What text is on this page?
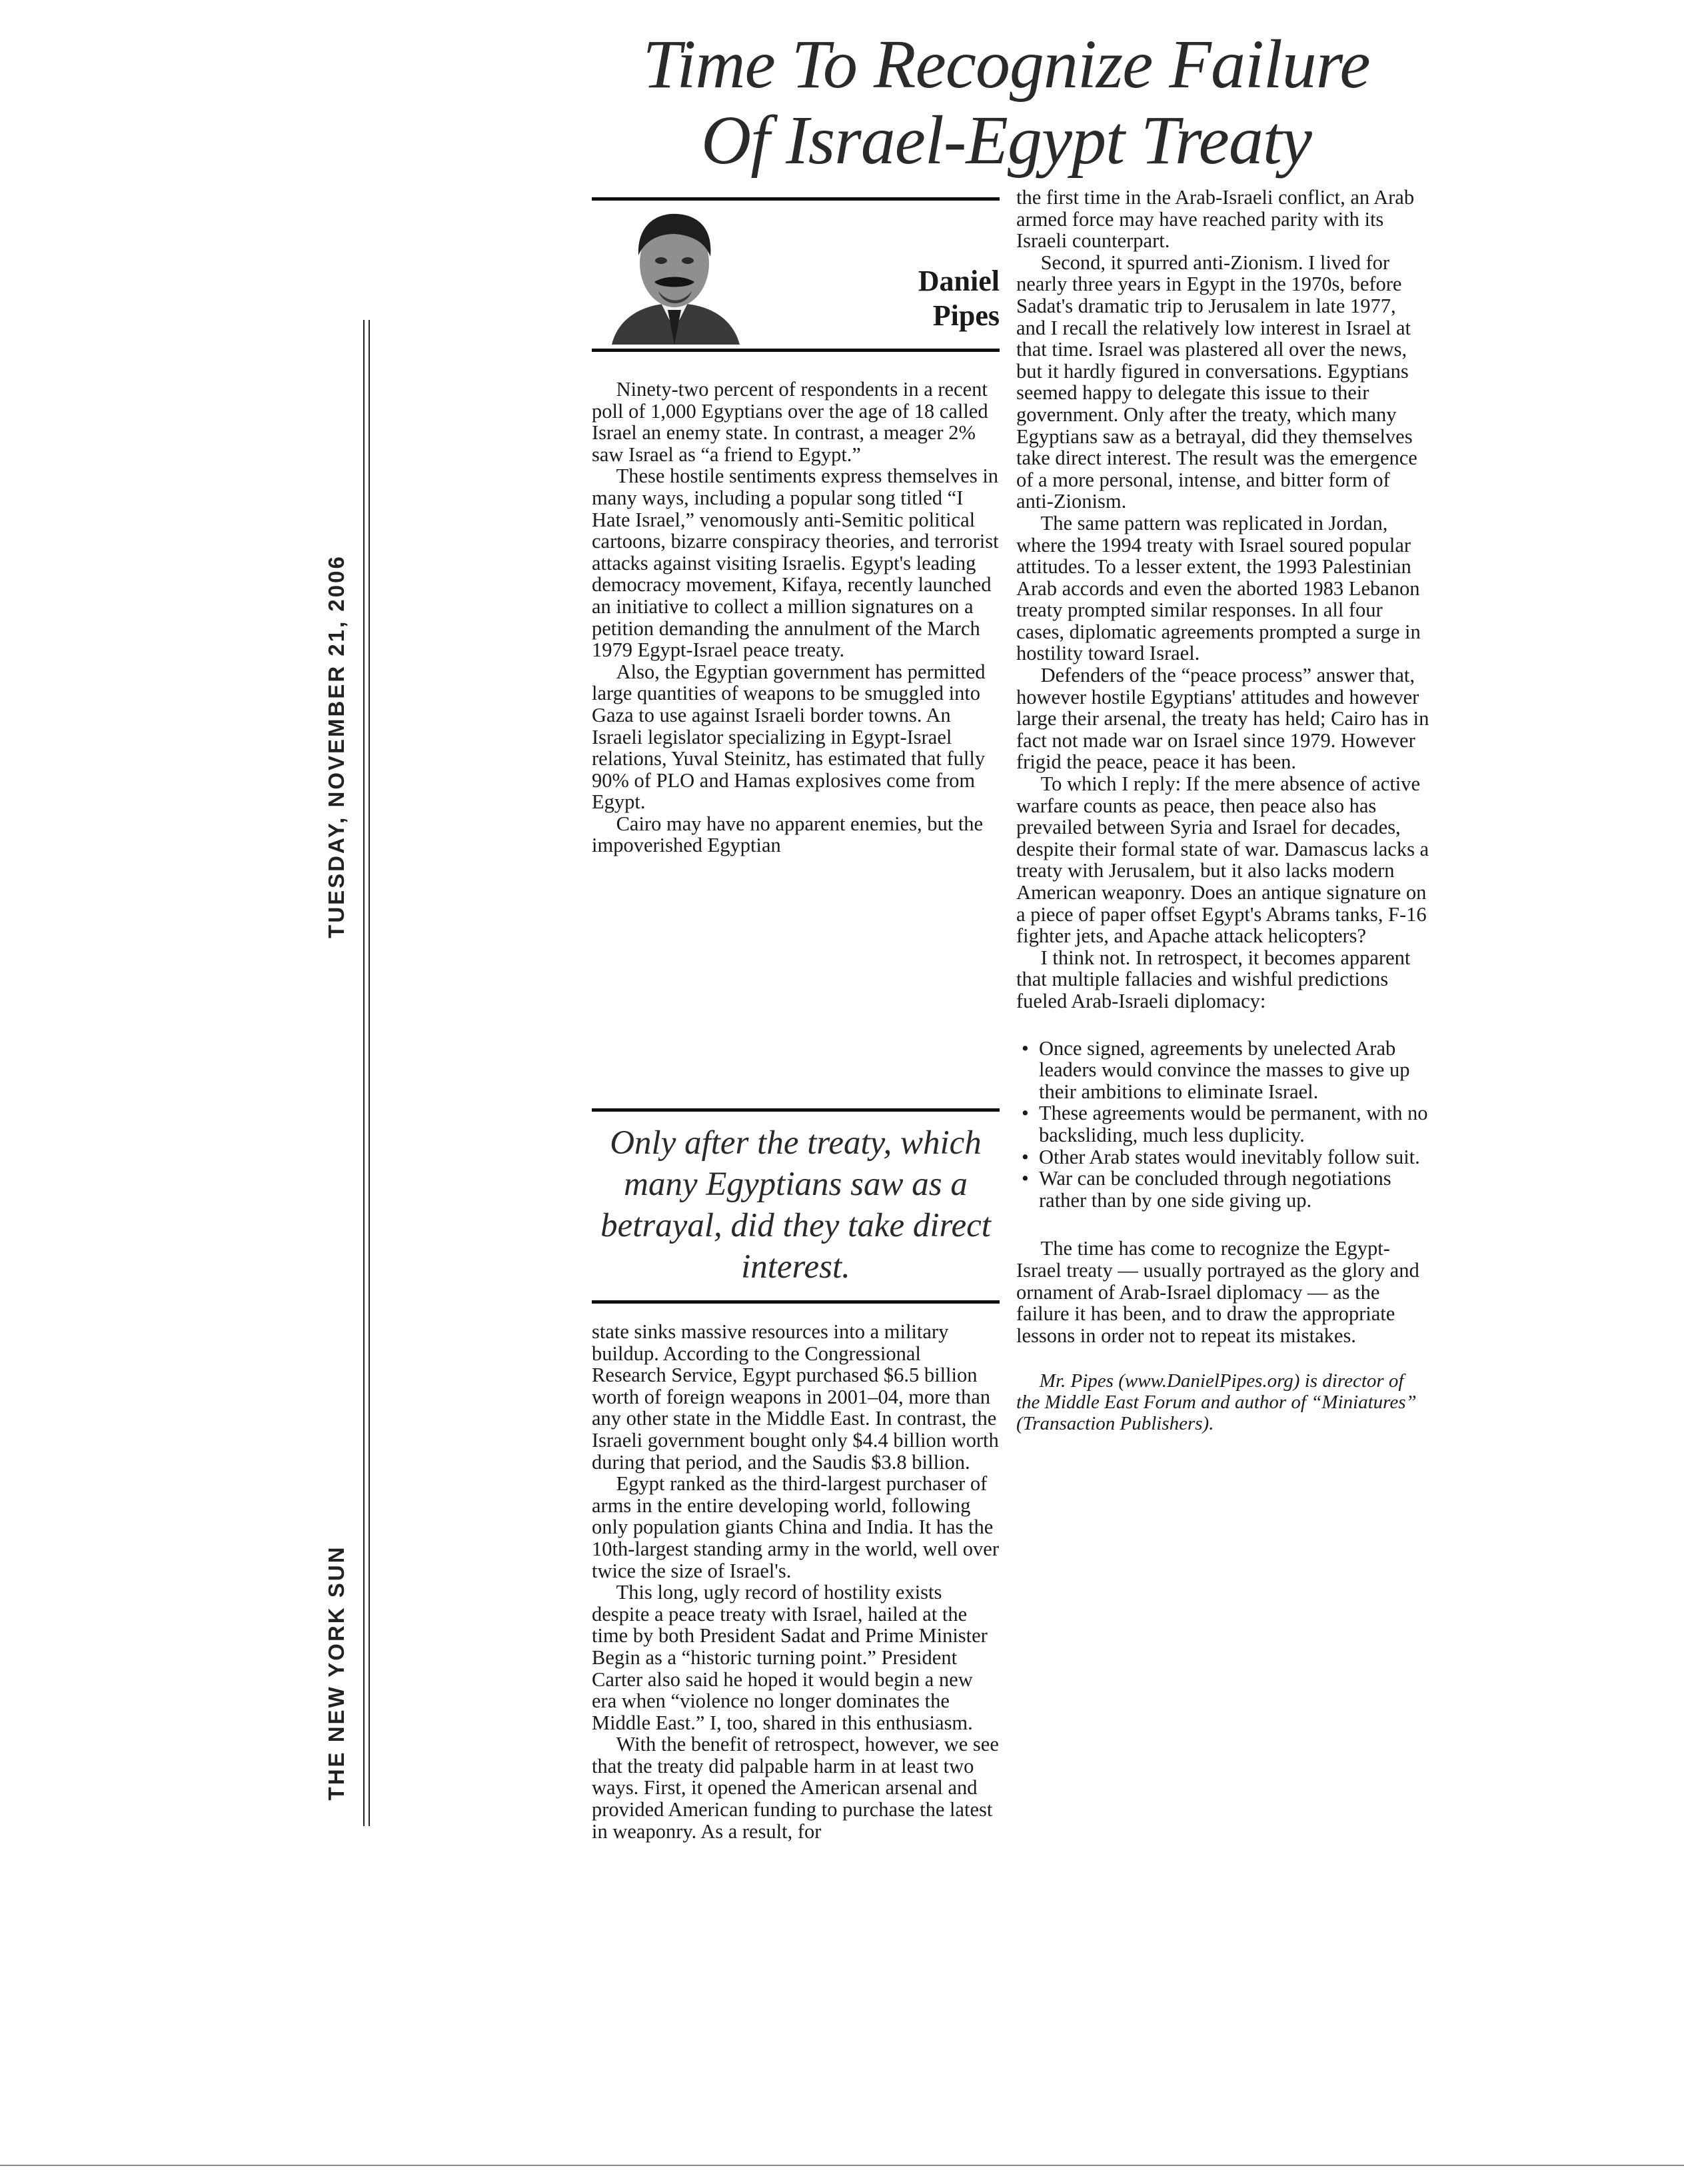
Time To Recognize Failure
Of Israel-Egypt Treaty
TUESDAY, NOVEMBER 21, 2006
THE NEW YORK SUN
Daniel
Pipes

Ninety-two percent of respondents in a recent poll of 1,000 Egyptians over the age of 18 called Israel an enemy state. In contrast, a meager 2% saw Israel as “a friend to Egypt.”

These hostile sentiments express themselves in many ways, including a popular song titled “I Hate Israel,” venomously anti-Semitic political cartoons, bizarre conspiracy theories, and terrorist attacks against visiting Israelis. Egypt's leading democracy movement, Kifaya, recently launched an initiative to collect a million signatures on a petition demanding the annulment of the March 1979 Egypt-Israel peace treaty.

Also, the Egyptian government has permitted large quantities of weapons to be smuggled into Gaza to use against Israeli border towns. An Israeli legislator specializing in Egypt-Israel relations, Yuval Steinitz, has estimated that fully 90% of PLO and Hamas explosives come from Egypt.

Cairo may have no apparent enemies, but the impoverished Egyptian

Only after the treaty, which many Egyptians saw as a betrayal, did they take direct interest.

state sinks massive resources into a military buildup. According to the Congressional Research Service, Egypt purchased $6.5 billion worth of foreign weapons in 2001–04, more than any other state in the Middle East. In contrast, the Israeli government bought only $4.4 billion worth during that period, and the Saudis $3.8 billion.

Egypt ranked as the third-largest purchaser of arms in the entire developing world, following only population giants China and India. It has the 10th-largest standing army in the world, well over twice the size of Israel's.

This long, ugly record of hostility exists despite a peace treaty with Israel, hailed at the time by both President Sadat and Prime Minister Begin as a “historic turning point.” President Carter also said he hoped it would begin a new era when “violence no longer dominates the Middle East.” I, too, shared in this enthusiasm.

With the benefit of retrospect, however, we see that the treaty did palpable harm in at least two ways. First, it opened the American arsenal and provided American funding to purchase the latest in weaponry. As a result, for

the first time in the Arab-Israeli conflict, an Arab armed force may have reached parity with its Israeli counterpart.

Second, it spurred anti-Zionism. I lived for nearly three years in Egypt in the 1970s, before Sadat's dramatic trip to Jerusalem in late 1977, and I recall the relatively low interest in Israel at that time. Israel was plastered all over the news, but it hardly figured in conversations. Egyptians seemed happy to delegate this issue to their government. Only after the treaty, which many Egyptians saw as a betrayal, did they themselves take direct interest. The result was the emergence of a more personal, intense, and bitter form of anti-Zionism.

The same pattern was replicated in Jordan, where the 1994 treaty with Israel soured popular attitudes. To a lesser extent, the 1993 Palestinian Arab accords and even the aborted 1983 Lebanon treaty prompted similar responses. In all four cases, diplomatic agreements prompted a surge in hostility toward Israel.

Defenders of the “peace process” answer that, however hostile Egyptians' attitudes and however large their arsenal, the treaty has held; Cairo has in fact not made war on Israel since 1979. However frigid the peace, peace it has been.

To which I reply: If the mere absence of active warfare counts as peace, then peace also has prevailed between Syria and Israel for decades, despite their formal state of war. Damascus lacks a treaty with Jerusalem, but it also lacks modern American weaponry. Does an antique signature on a piece of paper offset Egypt's Abrams tanks, F-16 fighter jets, and Apache attack helicopters?

I think not. In retrospect, it becomes apparent that multiple fallacies and wishful predictions fueled Arab-Israeli diplomacy:

• Once signed, agreements by unelected Arab leaders would convince the masses to give up their ambitions to eliminate Israel.
• These agreements would be permanent, with no backsliding, much less duplicity.
• Other Arab states would inevitably follow suit.
• War can be concluded through negotiations rather than by one side giving up.

The time has come to recognize the Egypt-Israel treaty — usually portrayed as the glory and ornament of Arab-Israel diplomacy — as the failure it has been, and to draw the appropriate lessons in order not to repeat its mistakes.

Mr. Pipes (www.DanielPipes.org) is director of the Middle East Forum and author of “Miniatures” (Transaction Publishers).
